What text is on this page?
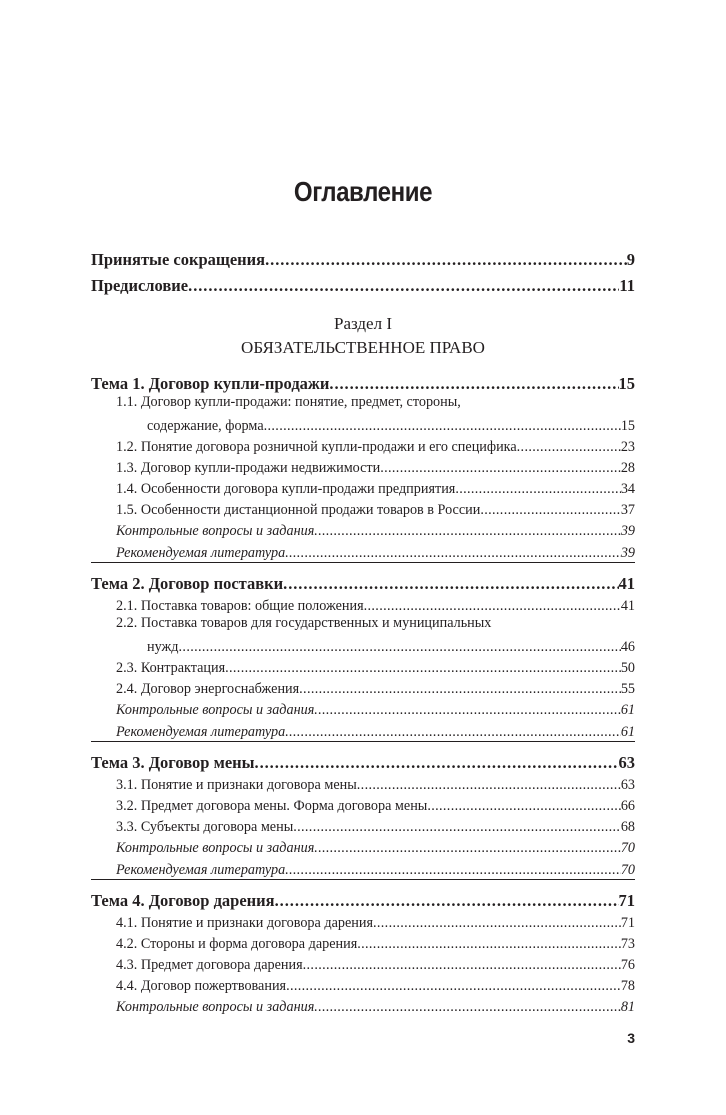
Оглавление
Принятые сокращения . . .	9
Предисловие . . .	11
Раздел I
ОБЯЗАТЕЛЬСТВЕННОЕ ПРАВО
Тема 1. Договор купли-продажи . . .	15
1.1. Договор купли-продажи: понятие, предмет, стороны,
содержание, форма . . .	15
1.2. Понятие договора розничной купли-продажи и его специфика . . .	23
1.3. Договор купли-продажи недвижимости . . .	28
1.4. Особенности договора купли-продажи предприятия . . .	34
1.5. Особенности дистанционной продажи товаров в России . . .	37
Контрольные вопросы и задания . . .	39
Рекомендуемая литература . . .	39
Тема 2. Договор поставки . . .	41
2.1. Поставка товаров: общие положения . . .	41
2.2. Поставка товаров для государственных и муниципальных
нужд . . .	46
2.3. Контрактация . . .	50
2.4. Договор энергоснабжения . . .	55
Контрольные вопросы и задания . . .	61
Рекомендуемая литература . . .	61
Тема 3. Договор мены . . .	63
3.1. Понятие и признаки договора мены . . .	63
3.2. Предмет договора мены. Форма договора мены . . .	66
3.3. Субъекты договора мены . . .	68
Контрольные вопросы и задания . . .	70
Рекомендуемая литература . . .	70
Тема 4. Договор дарения . . .	71
4.1. Понятие и признаки договора дарения . . .	71
4.2. Стороны и форма договора дарения . . .	73
4.3. Предмет договора дарения . . .	76
4.4. Договор пожертвования . . .	78
Контрольные вопросы и задания . . .	81
3
